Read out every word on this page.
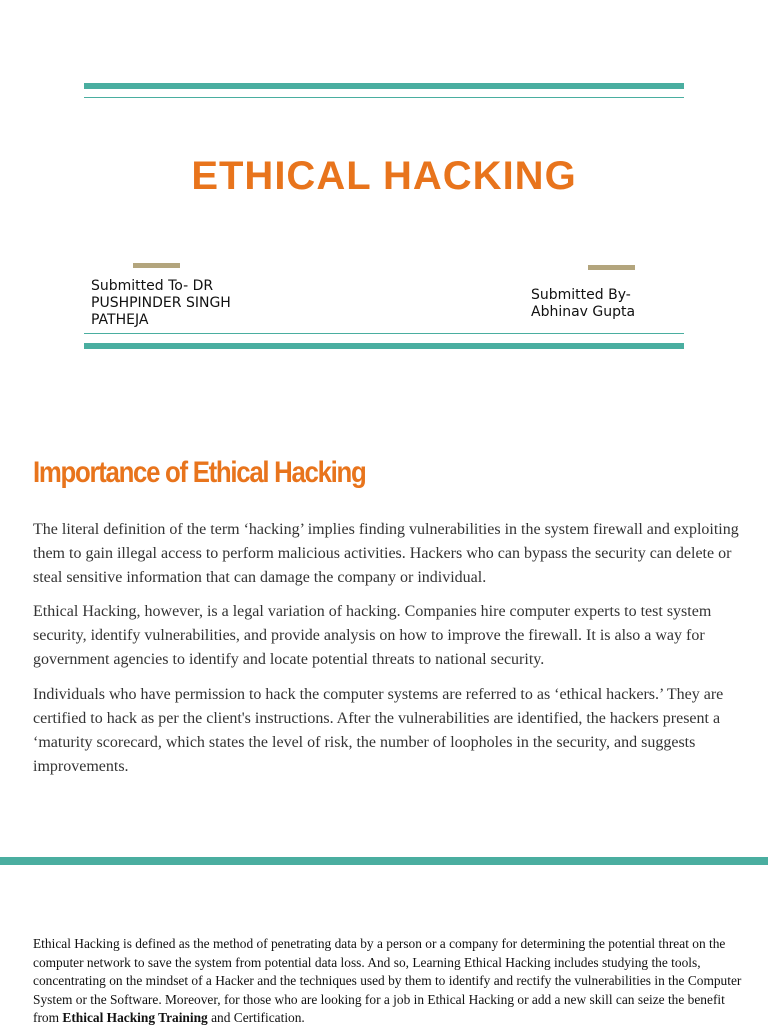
ETHICAL HACKING
Submitted To- DR PUSHPINDER SINGH PATHEJA
Submitted By- Abhinav Gupta
Importance of Ethical Hacking

The literal definition of the term ‘hacking’ implies finding vulnerabilities in the system firewall and exploiting them to gain illegal access to perform malicious activities. Hackers who can bypass the security can delete or steal sensitive information that can damage the company or individual.

Ethical Hacking, however, is a legal variation of hacking. Companies hire computer experts to test system security, identify vulnerabilities, and provide analysis on how to improve the firewall. It is also a way for government agencies to identify and locate potential threats to national security.

Individuals who have permission to hack the computer systems are referred to as ‘ethical hackers.’ They are certified to hack as per the client's instructions. After the vulnerabilities are identified, the hackers present a ‘maturity scorecard, which states the level of risk, the number of loopholes in the security, and suggests improvements.

Ethical Hacking is defined as the method of penetrating data by a person or a company for determining the potential threat on the computer network to save the system from potential data loss. And so, Learning Ethical Hacking includes studying the tools, concentrating on the mindset of a Hacker and the techniques used by them to identify and rectify the vulnerabilities in the Computer System or the Software. Moreover, for those who are looking for a job in Ethical Hacking or add a new skill can seize the benefit from Ethical Hacking Training and Certification.
